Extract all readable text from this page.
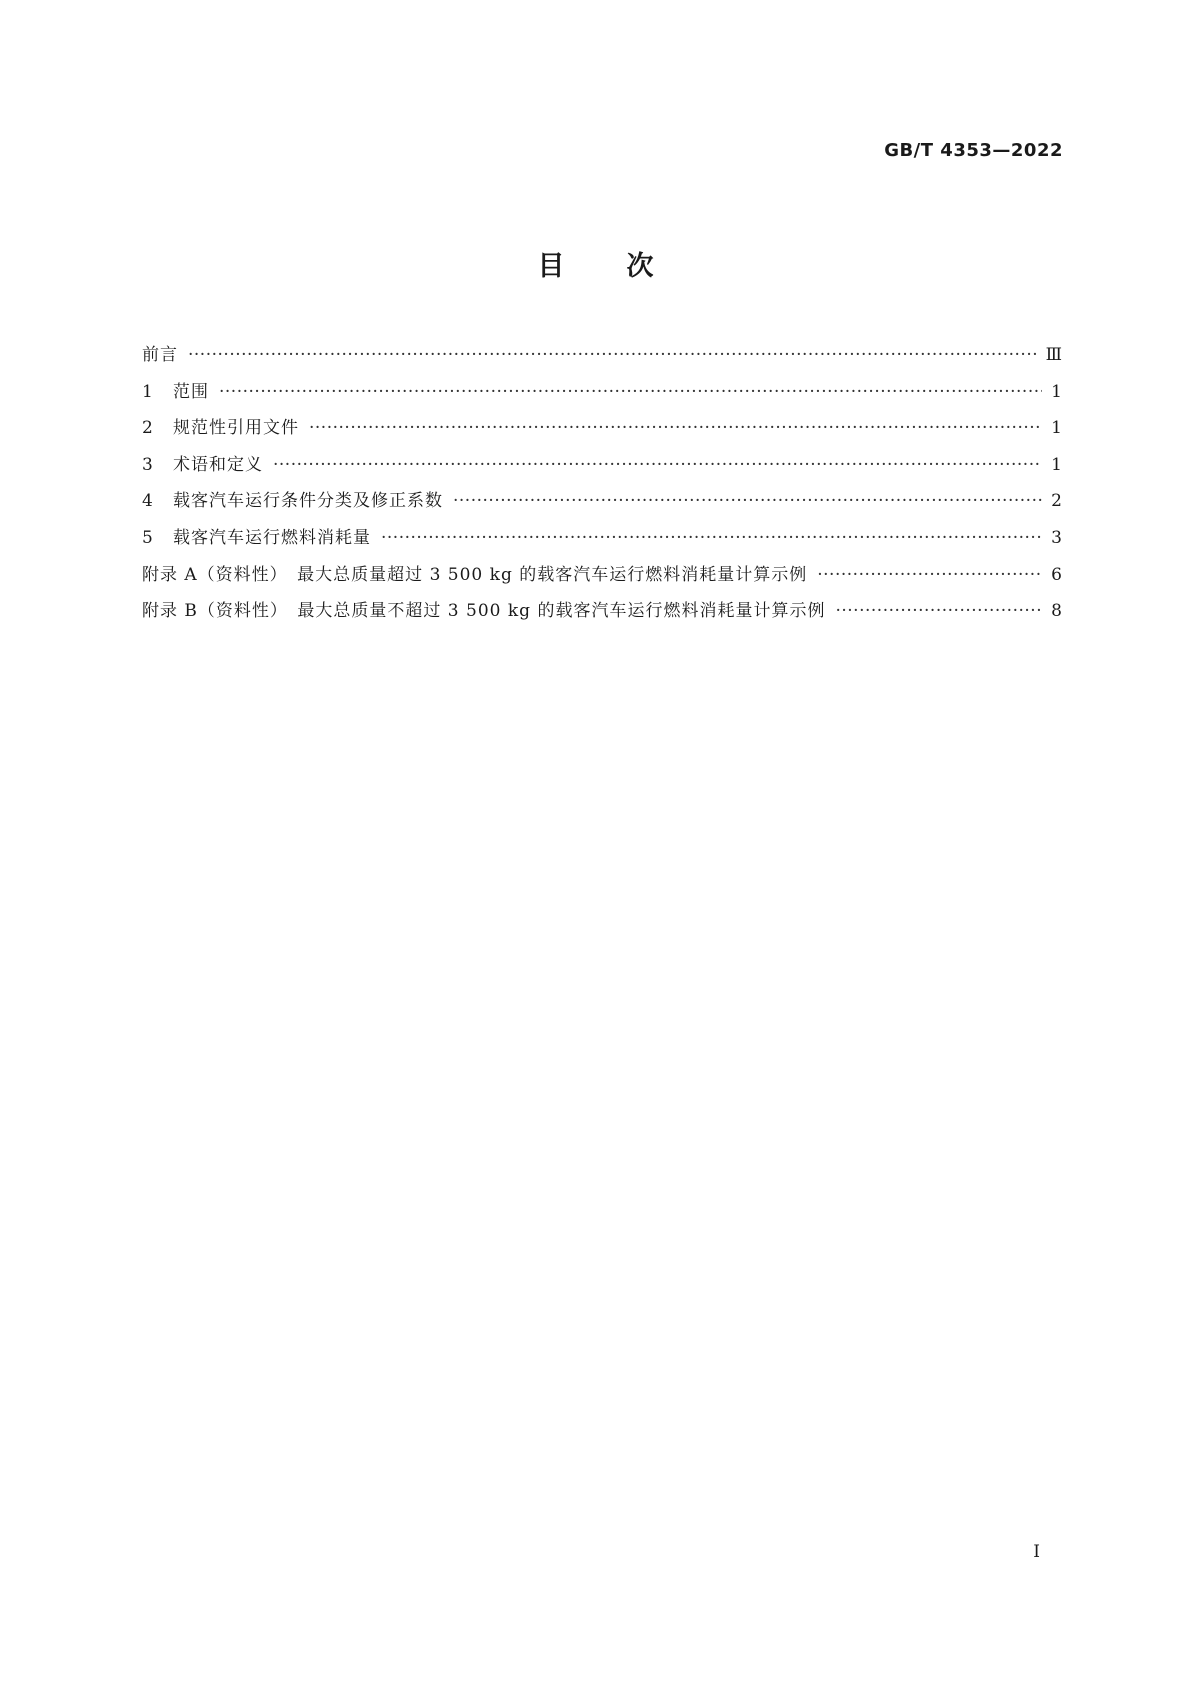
GB/T 4353—2022
目次
前言 ·····	Ⅲ
1 范围 ·····	1
2 规范性引用文件 ·····	1
3 术语和定义 ·····	1
4 载客汽车运行条件分类及修正系数 ·····	2
5 载客汽车运行燃料消耗量 ·····	3
附录 A（资料性）　最大总质量超过 3 500 kg 的载客汽车运行燃料消耗量计算示例 ·····	6
附录 B（资料性）　最大总质量不超过 3 500 kg 的载客汽车运行燃料消耗量计算示例 ·····	8
Ⅰ
